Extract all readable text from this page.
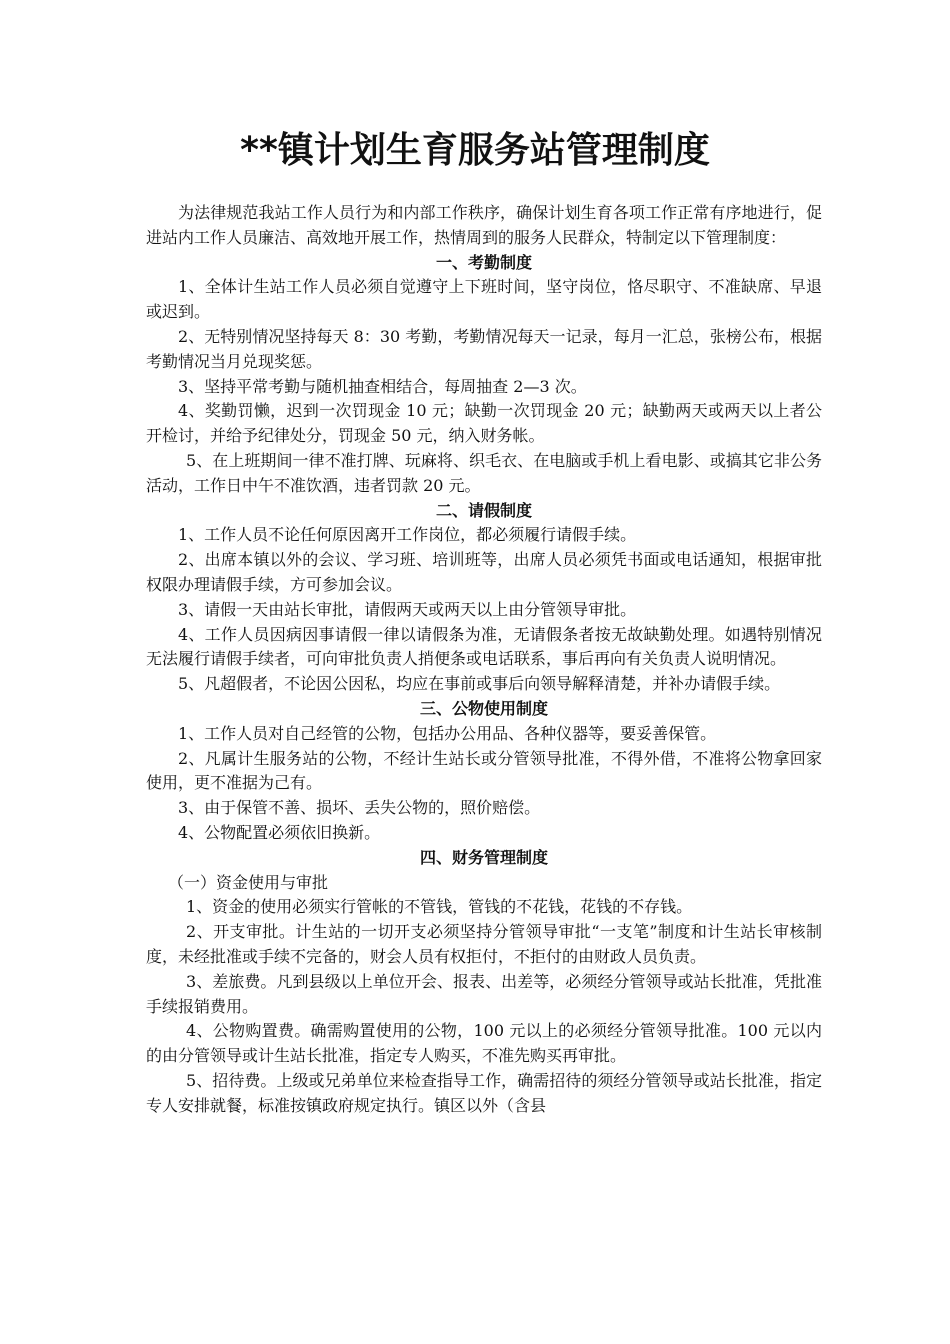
**镇计划生育服务站管理制度

为法律规范我站工作人员行为和内部工作秩序，确保计划生育各项工作正常有序地进行，促进站内工作人员廉洁、高效地开展工作，热情周到的服务人民群众，特制定以下管理制度：

一、考勤制度

1、全体计生站工作人员必须自觉遵守上下班时间，坚守岗位，恪尽职守、不准缺席、早退或迟到。

2、无特别情况坚持每天 8：30 考勤，考勤情况每天一记录，每月一汇总，张榜公布，根据考勤情况当月兑现奖惩。

3、坚持平常考勤与随机抽查相结合，每周抽查 2—3 次。

4、奖勤罚懒，迟到一次罚现金 10 元；缺勤一次罚现金 20 元；缺勤两天或两天以上者公开检讨，并给予纪律处分，罚现金 50 元，纳入财务帐。

5、在上班期间一律不准打牌、玩麻将、织毛衣、在电脑或手机上看电影、或搞其它非公务活动，工作日中午不准饮酒，违者罚款 20 元。

二、请假制度

1、工作人员不论任何原因离开工作岗位，都必须履行请假手续。

2、出席本镇以外的会议、学习班、培训班等，出席人员必须凭书面或电话通知，根据审批权限办理请假手续，方可参加会议。

3、请假一天由站长审批，请假两天或两天以上由分管领导审批。

4、工作人员因病因事请假一律以请假条为准，无请假条者按无故缺勤处理。如遇特别情况无法履行请假手续者，可向审批负责人捎便条或电话联系，事后再向有关负责人说明情况。

5、凡超假者，不论因公因私，均应在事前或事后向领导解释清楚，并补办请假手续。

三、公物使用制度

1、工作人员对自己经管的公物，包括办公用品、各种仪器等，要妥善保管。

2、凡属计生服务站的公物，不经计生站长或分管领导批准，不得外借，不准将公物拿回家使用，更不准据为己有。

3、由于保管不善、损坏、丢失公物的，照价赔偿。

4、公物配置必须依旧换新。

四、财务管理制度

（一）资金使用与审批

1、资金的使用必须实行管帐的不管钱，管钱的不花钱，花钱的不存钱。

2、开支审批。计生站的一切开支必须坚持分管领导审批“一支笔”制度和计生站长审核制度，未经批准或手续不完备的，财会人员有权拒付，不拒付的由财政人员负责。

3、差旅费。凡到县级以上单位开会、报表、出差等，必须经分管领导或站长批准，凭批准手续报销费用。

4、公物购置费。确需购置使用的公物，100 元以上的必须经分管领导批准。100 元以内的由分管领导或计生站长批准，指定专人购买，不准先购买再审批。

5、招待费。上级或兄弟单位来检查指导工作，确需招待的须经分管领导或站长批准，指定专人安排就餐，标准按镇政府规定执行。镇区以外（含县
